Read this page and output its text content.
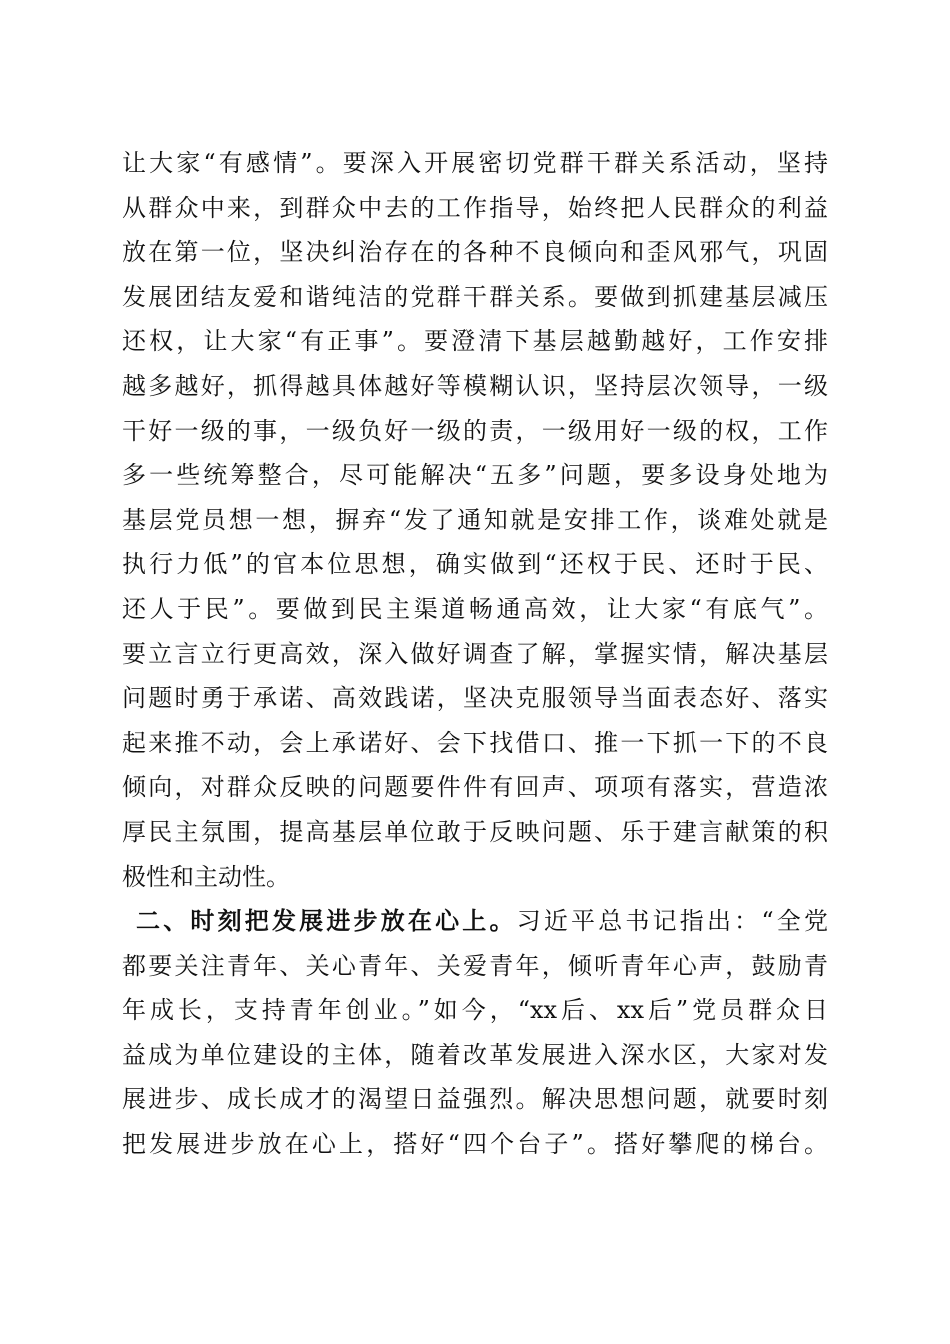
让大家“有感情”。要深入开展密切党群干群关系活动，坚持
从群众中来，到群众中去的工作指导，始终把人民群众的利益
放在第一位，坚决纠治存在的各种不良倾向和歪风邪气，巩固
发展团结友爱和谐纯洁的党群干群关系。要做到抓建基层减压
还权，让大家“有正事”。要澄清下基层越勤越好，工作安排
越多越好，抓得越具体越好等模糊认识，坚持层次领导，一级
干好一级的事，一级负好一级的责，一级用好一级的权，工作
多一些统筹整合，尽可能解决“五多”问题，要多设身处地为
基层党员想一想，摒弃“发了通知就是安排工作，谈难处就是
执行力低”的官本位思想，确实做到“还权于民、还时于民、
还人于民”。要做到民主渠道畅通高效，让大家“有底气”。
要立言立行更高效，深入做好调查了解，掌握实情，解决基层
问题时勇于承诺、高效践诺，坚决克服领导当面表态好、落实
起来推不动，会上承诺好、会下找借口、推一下抓一下的不良
倾向，对群众反映的问题要件件有回声、项项有落实，营造浓
厚民主氛围，提高基层单位敢于反映问题、乐于建言献策的积
极性和主动性。
二、时刻把发展进步放在心上。习近平总书记指出：“全党
都要关注青年、关心青年、关爱青年，倾听青年心声，鼓励青
年成长，支持青年创业。”如今，“xx后、xx后”党员群众日
益成为单位建设的主体，随着改革发展进入深水区，大家对发
展进步、成长成才的渴望日益强烈。解决思想问题，就要时刻
把发展进步放在心上，搭好“四个台子”。搭好攀爬的梯台。
